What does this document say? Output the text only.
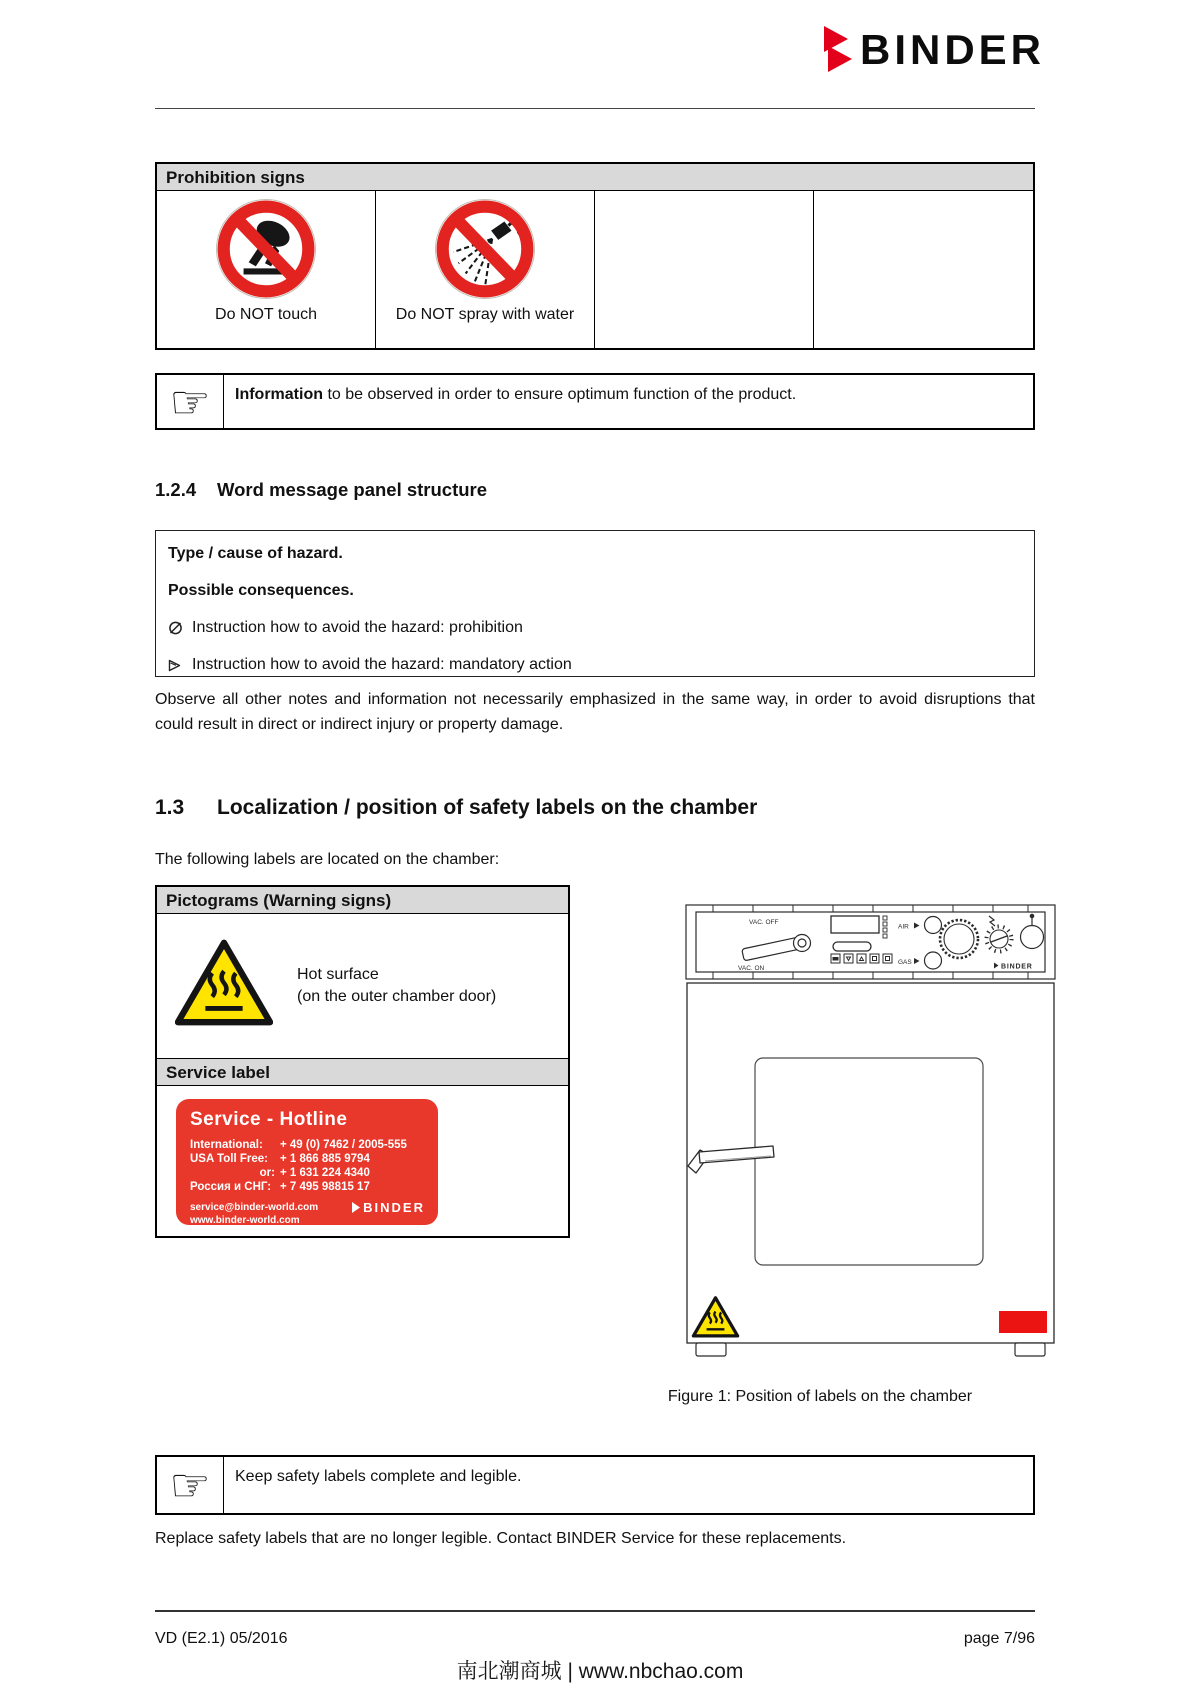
BINDER
Prohibition signs
Do NOT touch	Do NOT spray with water
☞	Information to be observed in order to ensure optimum function of the product.
1.2.4 Word message panel structure
Type / cause of hazard.
Possible consequences.
Instruction how to avoid the hazard: prohibition
Instruction how to avoid the hazard: mandatory action
Observe all other notes and information not necessarily emphasized in the same way, in order to avoid disruptions that could result in direct or indirect injury or property damage.
1.3 Localization / position of safety labels on the chamber
The following labels are located on the chamber:
Pictograms (Warning signs)
Hot surface
(on the outer chamber door)
Service label
Service - Hotline
International:	+ 49 (0) 7462 / 2005-555
USA Toll Free:	+ 1 866 885 9794
or: + 1 631 224 4340
Россия и СНГ: + 7 495 98815 17
service@binder-world.com
www.binder-world.com
BINDER
VAC. OFF
VAC. ON
AIR
GAS
BINDER
Figure 1: Position of labels on the chamber
☞	Keep safety labels complete and legible.
Replace safety labels that are no longer legible. Contact BINDER Service for these replacements.
VD (E2.1) 05/2016	page 7/96
南北潮商城 | www.nbchao.com
